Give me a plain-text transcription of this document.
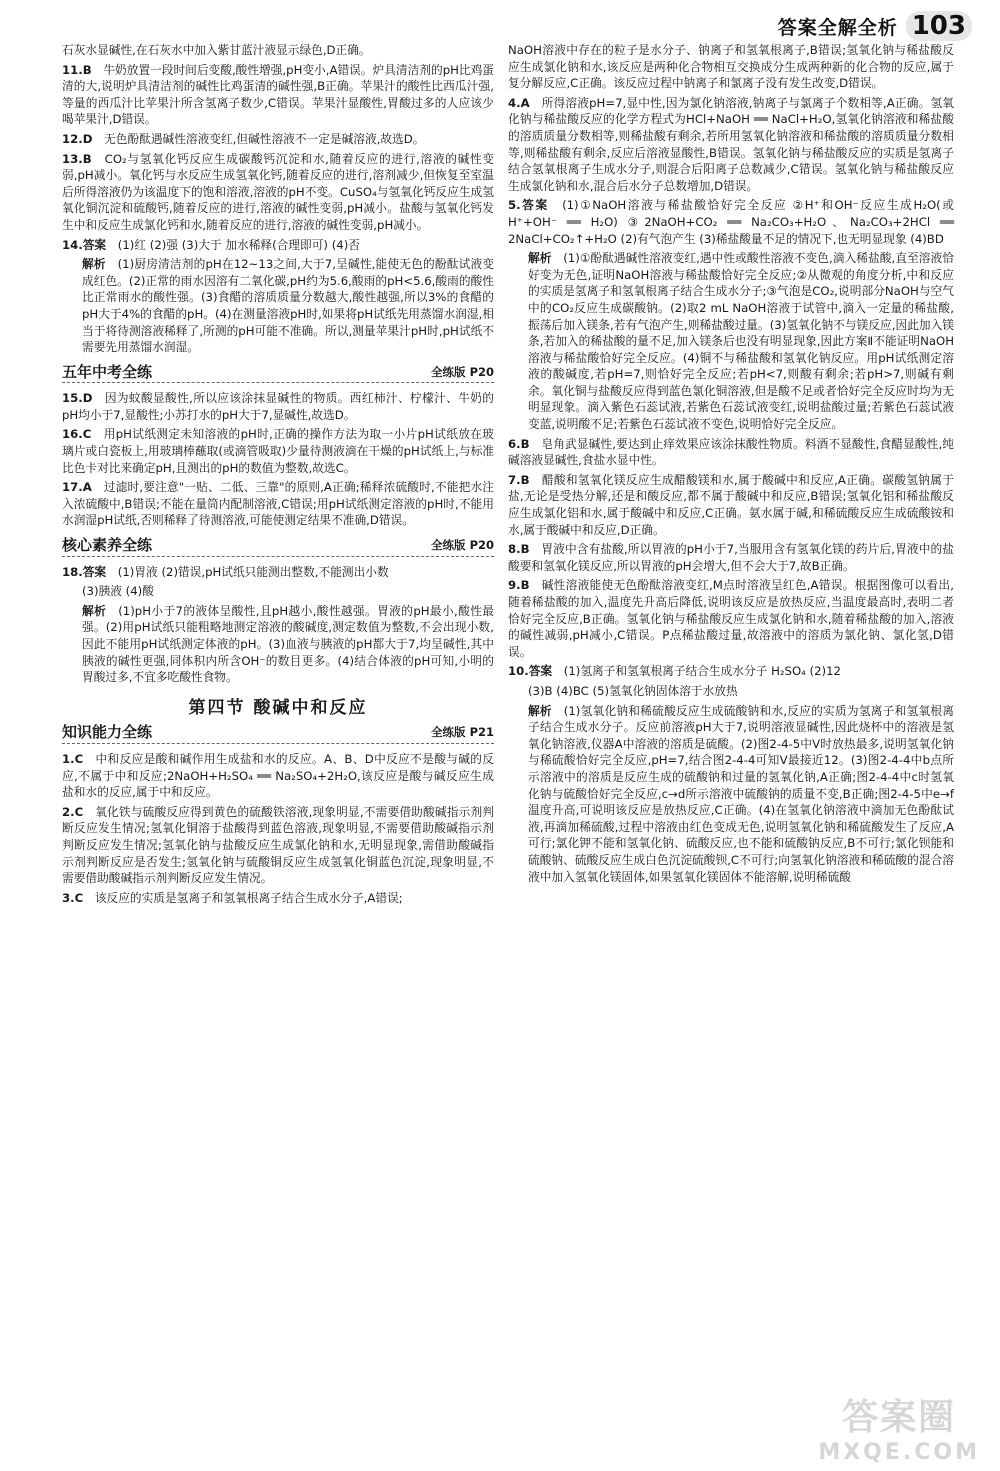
答案全解全析 103
石灰水显碱性,在石灰水中加入紫甘蓝汁液显示绿色,D正确。
11.B　 牛奶放置一段时间后变酸,酸性增强,pH变小,A错误。炉具清洁剂的pH比鸡蛋清的大,说明炉具清洁剂的碱性比鸡蛋清的碱性强,B正确。苹果汁的酸性比西瓜汁强,等量的西瓜汁比苹果汁所含氢离子数少,C错误。苹果汁显酸性,胃酸过多的人应该少喝苹果汁,D错误。
12.D　 无色酚酞遇碱性溶液变红,但碱性溶液不一定是碱溶液,故选D。
13.B　 CO₂与氢氧化钙反应生成碳酸钙沉淀和水,随着反应的进行,溶液的碱性变弱,pH减小。氧化钙与水反应生成氢氧化钙,随着反应的进行,溶剂减少,但恢复至室温后所得溶液仍为该温度下的饱和溶液,溶液的pH不变。CuSO₄与氢氧化钙反应生成氢氧化铜沉淀和硫酸钙,随着反应的进行,溶液的碱性变弱,pH减小。盐酸与氢氧化钙发生中和反应生成氯化钙和水,随着反应的进行,溶液的碱性变弱,pH减小。
14.答案　 (1)红 (2)强 (3)大于 加水稀释(合理即可) (4)否
解析　 (1)厨房清洁剂的pH在12~13之间,大于7,呈碱性,能使无色的酚酞试液变成红色。(2)正常的雨水因溶有二氧化碳,pH约为5.6,酸雨的pH<5.6,酸雨的酸性比正常雨水的酸性强。(3)食醋的溶质质量分数越大,酸性越强,所以3%的食醋的pH大于4%的食醋的pH。(4)在测量溶液pH时,如果将pH试纸先用蒸馏水润湿,相当于将待测溶液稀释了,所测的pH可能不准确。所以,测量苹果汁pH时,pH试纸不需要先用蒸馏水润湿。
五年中考全练	全练版 P20
15.D　 因为蚊酸显酸性,所以应该涂抹显碱性的物质。西红柿汁、柠檬汁、牛奶的pH均小于7,显酸性;小苏打水的pH大于7,显碱性,故选D。
16.C　 用pH试纸测定未知溶液的pH时,正确的操作方法为取一小片pH试纸放在玻璃片或白瓷板上,用玻璃棒蘸取(或滴管吸取)少量待测液滴在干燥的pH试纸上,与标准比色卡对比来确定pH,且测出的pH的数值为整数,故选C。
17.A　 过滤时,要注意"一贴、二低、三靠"的原则,A正确;稀释浓硫酸时,不能把水注入浓硫酸中,B错误;不能在量筒内配制溶液,C错误;用pH试纸测定溶液的pH时,不能用水润湿pH试纸,否则稀释了待测溶液,可能使测定结果不准确,D错误。
核心素养全练	全练版 P20
18.答案　 (1)胃液 (2)错误,pH试纸只能测出整数,不能测出小数
(3)胰液 (4)酸
解析　 (1)pH小于7的液体呈酸性,且pH越小,酸性越强。胃液的pH最小,酸性最强。(2)用pH试纸只能粗略地测定溶液的酸碱度,测定数值为整数,不会出现小数,因此不能用pH试纸测定体液的pH。(3)血液与胰液的pH都大于7,均呈碱性,其中胰液的碱性更强,同体积内所含OH⁻的数目更多。(4)结合体液的pH可知,小明的胃酸过多,不宜多吃酸性食物。
第四节 酸碱中和反应
知识能力全练	全练版 P21
1.C　 中和反应是酸和碱作用生成盐和水的反应。A、B、D中反应不是酸与碱的反应,不属于中和反应;2NaOH+H₂SO₄ ══ Na₂SO₄+2H₂O,该反应是酸与碱反应生成盐和水的反应,属于中和反应。
2.C　 氧化铁与硫酸反应得到黄色的硫酸铁溶液,现象明显,不需要借助酸碱指示剂判断反应发生情况;氢氧化铜溶于盐酸得到蓝色溶液,现象明显,不需要借助酸碱指示剂判断反应发生情况;氢氧化钠与盐酸反应生成氯化钠和水,无明显现象,需借助酸碱指示剂判断反应是否发生;氢氧化钠与硫酸铜反应生成氢氧化铜蓝色沉淀,现象明显,不需要借助酸碱指示剂判断反应发生情况。
3.C　 该反应的实质是氢离子和氢氧根离子结合生成水分子,A错误;
NaOH溶液中存在的粒子是水分子、钠离子和氢氧根离子,B错误;氢氧化钠与稀盐酸反应生成氯化钠和水,该反应是两种化合物相互交换成分生成两种新的化合物的反应,属于复分解反应,C正确。该反应过程中钠离子和氯离子没有发生改变,D错误。
4.A　 所得溶液pH=7,显中性,因为氯化钠溶液,钠离子与氯离子个数相等,A正确。氢氧化钠与稀盐酸反应的化学方程式为HCl+NaOH ══ NaCl+H₂O,氢氧化钠溶液和稀盐酸的溶质质量分数相等,则稀盐酸有剩余,若所用氢氧化钠溶液和稀盐酸的溶质质量分数相等,则稀盐酸有剩余,反应后溶液显酸性,B错误。氢氧化钠与稀盐酸反应的实质是氢离子结合氢氧根离子生成水分子,则混合后阳离子总数减少,C错误。氢氧化钠与稀盐酸反应生成氯化钠和水,混合后水分子总数增加,D错误。
5.答案　 (1)①NaOH溶液与稀盐酸恰好完全反应 ②H⁺和OH⁻反应生成H₂O(或H⁺+OH⁻ ══ H₂O) ③2NaOH+CO₂ ══ Na₂CO₃+H₂O、Na₂CO₃+2HCl ══ 2NaCl+CO₂↑+H₂O (2)有气泡产生 (3)稀盐酸量不足的情况下,也无明显现象 (4)BD
解析　 (1)①酚酞遇碱性溶液变红,遇中性或酸性溶液不变色,滴入稀盐酸,直至溶液恰好变为无色,证明NaOH溶液与稀盐酸恰好完全反应;②从微观的角度分析,中和反应的实质是氢离子和氢氧根离子结合生成水分子;③气泡是CO₂,说明部分NaOH与空气中的CO₂反应生成碳酸钠。(2)取2 mL NaOH溶液于试管中,滴入一定量的稀盐酸,振荡后加入镁条,若有气泡产生,则稀盐酸过量。(3)氢氧化钠不与镁反应,因此加入镁条,若加入的稀盐酸的量不足,加入镁条后也没有明显现象,因此方案Ⅱ不能证明NaOH溶液与稀盐酸恰好完全反应。(4)铜不与稀盐酸和氢氧化钠反应。用pH试纸测定溶液的酸碱度,若pH=7,则恰好完全反应;若pH<7,则酸有剩余;若pH>7,则碱有剩余。氧化铜与盐酸反应得到蓝色氯化铜溶液,但是酸不足或者恰好完全反应时均为无明显现象。滴入紫色石蕊试液,若紫色石蕊试液变红,说明盐酸过量;若紫色石蕊试液变蓝,说明酸不足;若紫色石蕊试液不变色,说明恰好完全反应。
6.B　 皂角武显碱性,要达到止痒效果应该涂抹酸性物质。料酒不显酸性,食醋显酸性,纯碱溶液显碱性,食盐水显中性。
7.B　 醋酸和氢氧化镁反应生成醋酸镁和水,属于酸碱中和反应,A正确。碳酸氢钠属于盐,无论是受热分解,还是和酸反应,都不属于酸碱中和反应,B错误;氢氧化铝和稀盐酸反应生成氯化铝和水,属于酸碱中和反应,C正确。氨水属于碱,和稀硫酸反应生成硫酸铵和水,属于酸碱中和反应,D正确。
8.B　 胃液中含有盐酸,所以胃液的pH小于7,当服用含有氢氧化镁的药片后,胃液中的盐酸要和氢氧化镁反应,所以胃液的pH会增大,但不会大于7,故B正确。
9.B　 碱性溶液能使无色酚酞溶液变红,M点时溶液呈红色,A错误。根据图像可以看出,随着稀盐酸的加入,温度先升高后降低,说明该反应是放热反应,当温度最高时,表明二者恰好完全反应,B正确。氢氧化钠与稀盐酸反应生成氯化钠和水,随着稀盐酸的加入,溶液的碱性减弱,pH减小,C错误。P点稀盐酸过量,故溶液中的溶质为氯化钠、氯化氢,D错误。
10.答案　 (1)氢离子和氢氧根离子结合生成水分子 H₂SO₄ (2)12
(3)B (4)BC (5)氢氧化钠固体溶于水放热
解析　 (1)氢氧化钠和稀硫酸反应生成硫酸钠和水,反应的实质为氢离子和氢氧根离子结合生成水分子。反应前溶液pH大于7,说明溶液显碱性,因此烧杯中的溶液是氢氧化钠溶液,仪器A中溶液的溶质是硫酸。(2)图2-4-5中V时放热最多,说明氢氧化钠与稀硫酸恰好完全反应,pH=7,结合图2-4-4可知V最接近12。(3)图2-4-4中b点所示溶液中的溶质是反应生成的硫酸钠和过量的氢氧化钠,A正确;图2-4-4中c时氢氧化钠与硫酸恰好完全反应,c→d所示溶液中硫酸钠的质量不变,B正确;图2-4-5中e→f温度升高,可说明该反应是放热反应,C正确。(4)在氢氧化钠溶液中滴加无色酚酞试液,再滴加稀硫酸,过程中溶液由红色变成无色,说明氢氧化钠和稀硫酸发生了反应,A可行;氯化钾不能和氢氧化钠、硫酸反应,也不能和硫酸钠反应,B不可行;氯化钡能和硫酸钠、硫酸反应生成白色沉淀硫酸钡,C不可行;向氢氧化钠溶液和稀硫酸的混合溶液中加入氢氧化镁固体,如果氢氧化镁固体不能溶解,说明稀硫酸
答案圈
MXQE.COM
